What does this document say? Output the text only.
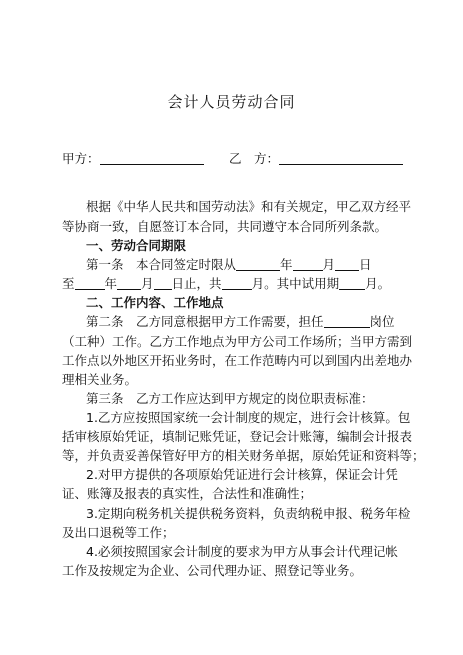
会计人员劳动合同
甲方：	乙　方：
根据《中华人民共和国劳动法》和有关规定，甲乙双方经平
等协商一致，自愿签订本合同，共同遵守本合同所列条款。
一、劳动合同期限
第一条　本合同签定时限从	年 月 日
至 年 月 日止，共 月。其中试用期 月。
二、工作内容、工作地点
第二条　乙方同意根据甲方工作需要，担任	岗位
（工种）工作。乙方工作地点为甲方公司工作场所；当甲方需到
工作点以外地区开拓业务时，在工作范畴内可以到国内出差地办
理相关业务。
第三条　乙方工作应达到甲方规定的岗位职责标准：
1.乙方应按照国家统一会计制度的规定，进行会计核算。包
括审核原始凭证，填制记账凭证，登记会计账簿，编制会计报表
等，并负责妥善保管好甲方的相关财务单据，原始凭证和资料等；
2.对甲方提供的各项原始凭证进行会计核算，保证会计凭
证、账簿及报表的真实性，合法性和准确性；
3.定期向税务机关提供税务资料，负责纳税申报、税务年检
及出口退税等工作；
4.必须按照国家会计制度的要求为甲方从事会计代理记帐
工作及按规定为企业、公司代理办证、照登记等业务。
